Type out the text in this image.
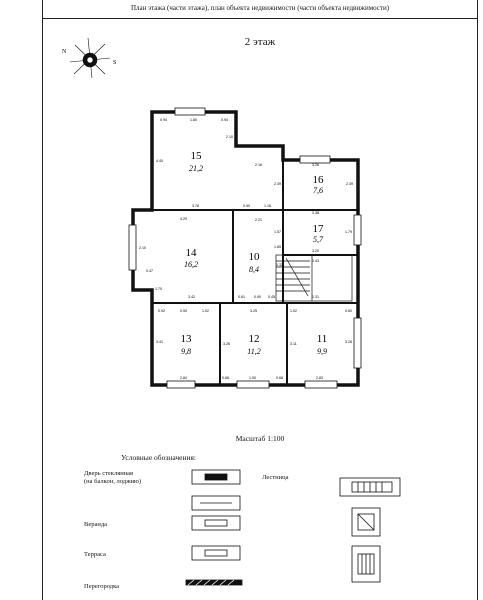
План этажа (части этажа), план объекта недвижимости (части объекта недвижимости)
2 этаж
Масштаб 1:100
Условные обозначения:
Дверь стеклянная
(на балкон, лоджию)
Лестница
Веранда
Терраса
Перегородка
N
S
15
21,2
16
7,6
17
5,7
14
16,2
10
8,4
13
9,8
12
11,2
11
9,9
0.94	1.80	0.94
2.10
4.40
3.78
2.16	3.26
2.39	2.39
0.90	1.16
3.38
2.21
1.57	1.79
1.65
4.29
2.10
0.47
1.70
3.42
0.92	0.90	1.02
0.61	0.90 0.45
3.25	1.02
0.32
0.43
1.31
3.20
3.41	3.28
2.84	0.68	1.90	0.68	2.83
3.26	3.11
0.60
